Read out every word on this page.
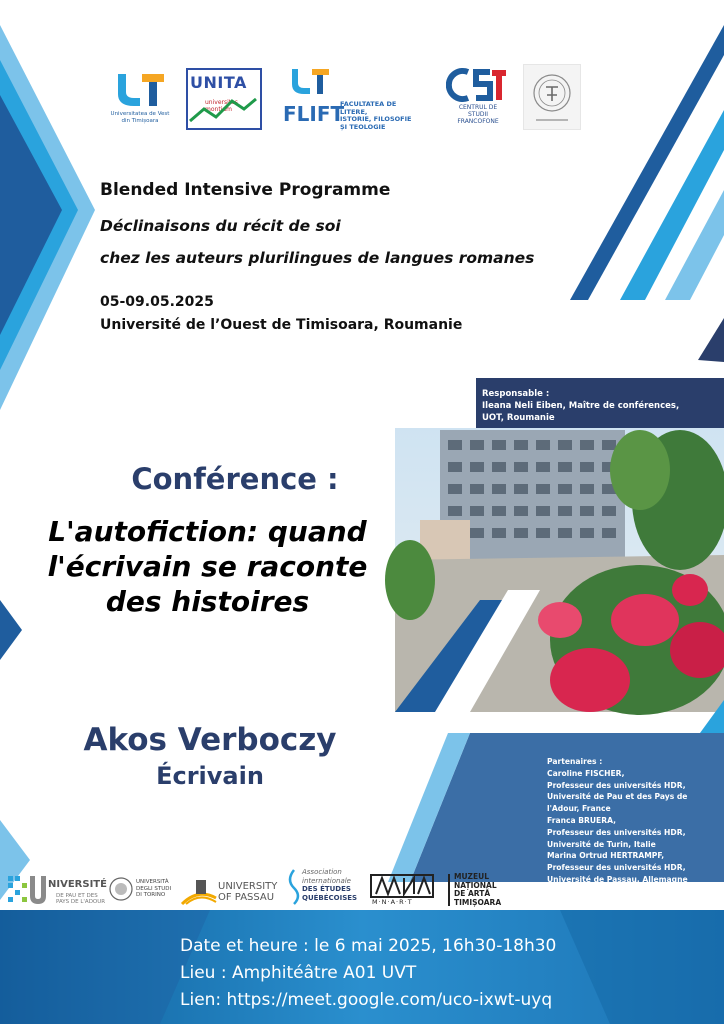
Universitatea de Vest
din Timișoara
UNITA
universitas
montium	FLIFT
FACULTATEA DE LITERE,
ISTORIE, FILOSOFIE
ȘI TEOLOGIE
CENTRUL DE
STUDII
FRANCOFONE
Blended Intensive Programme
Déclinaisons du récit de soi
chez les auteurs plurilingues de langues romanes
05-09.05.2025
Université de l’Ouest de Timisoara, Roumanie
Responsable :
Ileana Neli Eiben, Maître de conférences,
UOT, Roumanie
Conférence :
L'autofiction: quand
l'écrivain se raconte
des histoires
Akos Verboczy
Écrivain

Partenaires :

Caroline FISCHER,

Professeur des universités HDR,

Université de Pau et des Pays de

l'Adour, France

Franca BRUERA,

Professeur des universités HDR,

Université de Turin, Italie

Marina Ortrud HERTRAMPF,

Professeur des universités HDR,

Université de Passau, Allemagne

NIVERSITÉ
DE PAU ET DES
PAYS DE L'ADOUR
UNIVERSITÀ
DEGLI STUDI
DI TORINO
UNIVERSITY
OF PASSAU
Association
internationale
DES ÉTUDES
QUÉBÉCOISES
M·N·A·R·T
MUZEUL
NAȚIONAL
DE ARTĂ
TIMIȘOARA
Date et heure : le 6 mai 2025, 16h30-18h30
Lieu : Amphitéâtre A01 UVT
Lien: https://meet.google.com/uco-ixwt-uyq
